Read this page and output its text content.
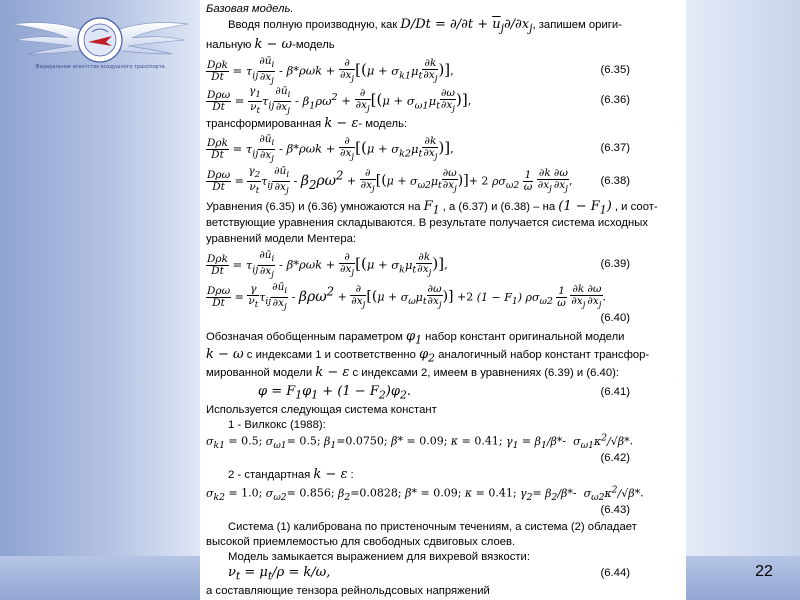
Федеральное агентство воздушного транспорта
Базовая модель.
Вводя полную производную, как $D/Dt = \partial/\partial t + \overline{u}_j\partial/\partial x_j$, запишем ориги-
нальную k − ω-модель
$\frac{\text{Dρk}}{Dt} = \tau_{ij} \frac{\partial ū_i}{\partial x_j} - \beta*\rho\omega k + \frac{\partial}{\partial x_j} [(\mu + \sigma_{k1}\mu_t \frac{\partial k}{\partial x_j}$ )],	(6.35)
$\frac{\text{Dρω}}{Dt} = \frac{\gamma_1}{\nu_t} \tau_{ij} \frac{\partial ū_i}{\partial x_j} - \beta_1\rho\omega^2 + \frac{\partial}{\partial x_j} [(\mu + \sigma_{\omega 1}\mu_t \frac{\partial\omega}{\partial x_j}$ )],	(6.36)
трансформированная k − ε- модель:
$\frac{\text{Dρk}}{Dt} = \tau_{ij} \frac{\partial ū_i}{\partial x_j} - \beta*\rho\omega k + \frac{\partial}{\partial x_j} [(\mu + \sigma_{k2}\mu_t \frac{\partial k}{\partial x_j}$ )],	(6.37)
$\frac{\text{Dρω}}{Dt} = \frac{\gamma_2}{\nu_t} \tau_{ij} \frac{\partial ū_i}{\partial x_j} - \beta_2\rho\omega^2 + \frac{\partial}{\partial x_j} [(\mu + \sigma_{\omega 2}\mu_t \frac{\partial\omega}{\partial x_j}$ )]+ 2 $\rho\sigma_{\omega 2} \frac{1}{\omega}$
$\frac{\partial k}{\partial x_j} \frac{\partial\omega}{\partial x_j}$ , (6.38)
Уравнения (6.35) и (6.36) умножаются на $F_1$ , а (6.37) и (6.38) – на $(1 - F_1)$ , и соот-
ветствующие уравнения складываются. В результате получается система исходных
уравнений модели Ментера:
$\frac{\text{Dρk}}{Dt} = \tau_{ij} \frac{\partial ū_i}{\partial x_j} - \beta*\rho\omega k + \frac{\partial}{\partial x_j} [(\mu + \sigma_k\mu_t \frac{\partial k}{\partial x_j}$ )],	(6.39)
$\frac{\text{Dρω}}{Dt} = \frac{\gamma}{\nu_t} \tau_{ij} \frac{\partial ū_i}{\partial x_j} - \beta\rho\omega^2 + \frac{\partial}{\partial x_j} [(\mu + \sigma_\omega\mu_t \frac{\partial\omega}{\partial x_j}$ )] +2 $(1 - F_1)$ $\rho\sigma_{\omega 2} \frac{1}{\omega}$
$\frac{\partial k}{\partial x_j} \frac{\partial\omega}{\partial x_j}$ .
(6.40)
Обозначая обобщенным параметром $\varphi_1$ набор констант оригинальной модели
k − ω с индексами 1 и соответственно $\varphi_2$ аналогичный набор констант трансфор-
мированной модели k − ε с индексами 2, имеем в уравнениях (6.39) и (6.40):
$\varphi = F_1\varphi_1 + (1 - F_2)\varphi_2$.	(6.41)
Используется следующая система констант
1 - Вилкокс (1988):
$\sigma_{k1} = 0.5$; $\sigma_{\omega 1}= 0.5$; $\beta_1=0.0750$; β* = 0.09; κ = 0.41; $\gamma_1 = \beta_1/\beta*-$  $\sigma_{\omega 1}\kappa^2/√\beta*$.
(6.42)
2 - стандартная k − ε :
$\sigma_{k2} = 1.0$; $\sigma_{\omega 2}= 0.856$; $\beta_2=0.0828$; β* = 0.09; κ = 0.41; $\gamma_2= \beta_2/\beta*-$  $\sigma_{\omega 2}\kappa^2/√\beta*$.
(6.43)
Система (1) калибрована по пристеночным течениям, а система (2) обладает
высокой приемлемостью для свободных сдвиговых слоев.
Модель замыкается выражением для вихревой вязкости:
$\nu_t = \mu_t/\rho = k/\omega$,	(6.44)
а составляющие тензора рейнольдсовых напряжений
22
